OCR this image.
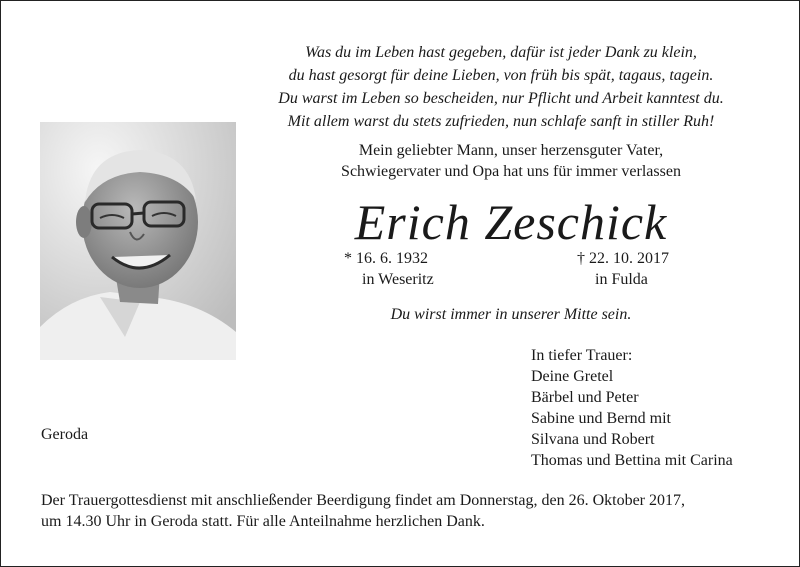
Was du im Leben hast gegeben, dafür ist jeder Dank zu klein,
du hast gesorgt für deine Lieben, von früh bis spät, tagaus, tagein.
Du warst im Leben so bescheiden, nur Pflicht und Arbeit kanntest du.
Mit allem warst du stets zufrieden, nun schlafe sanft in stiller Ruh!
Mein geliebter Mann, unser herzensguter Vater,
Schwiegervater und Opa hat uns für immer verlassen
Erich Zeschick
* 16. 6. 1932
in Weseritz
† 22. 10. 2017
in Fulda
Du wirst immer in unserer Mitte sein.
In tiefer Trauer:
Deine Gretel
Bärbel und Peter
Sabine und Bernd mit
Silvana und Robert
Thomas und Bettina mit Carina
Geroda
Der Trauergottesdienst mit anschließender Beerdigung findet am Donnerstag, den 26. Oktober 2017,
um 14.30 Uhr in Geroda statt. Für alle Anteilnahme herzlichen Dank.
